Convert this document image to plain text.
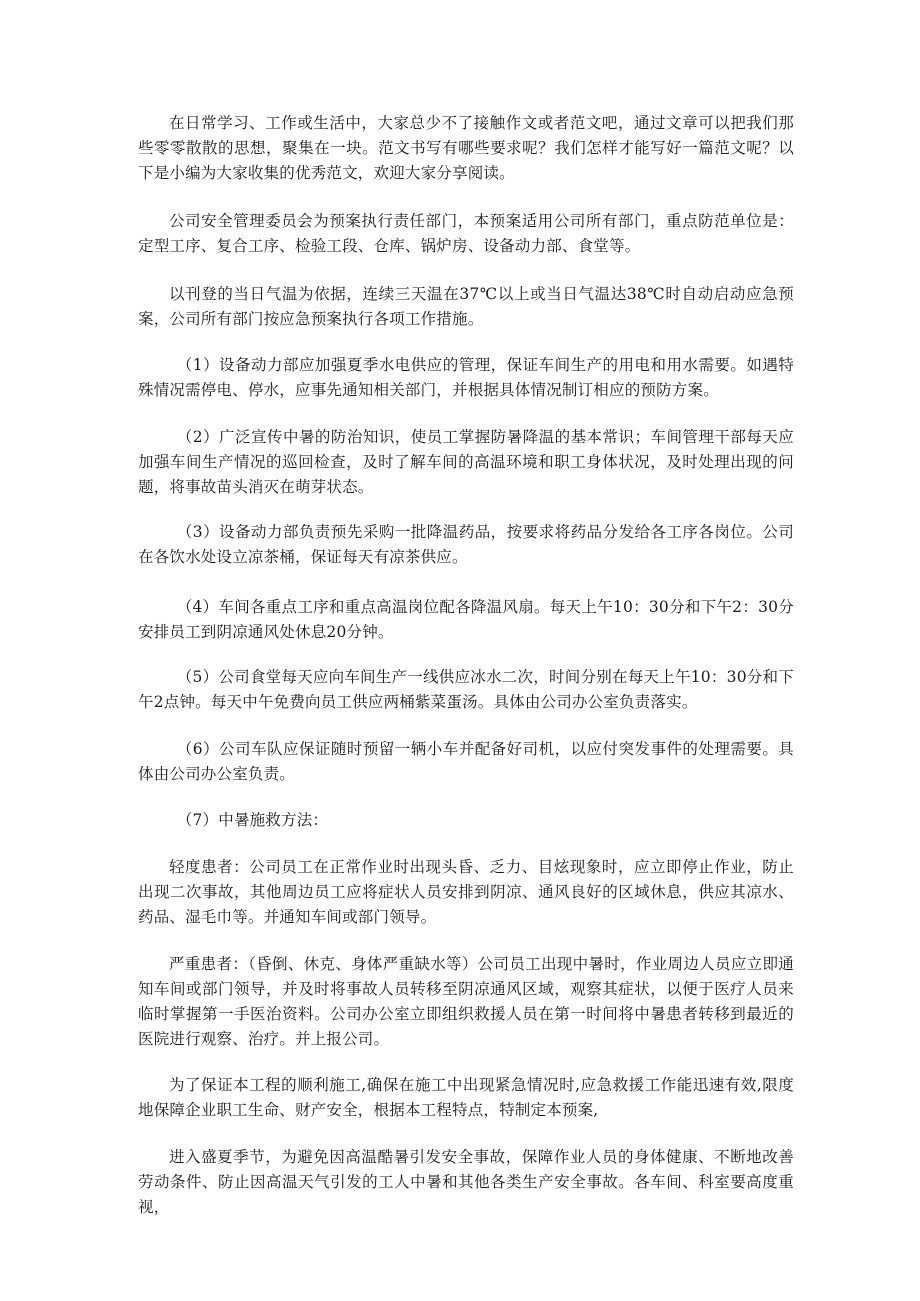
在日常学习、工作或生活中，大家总少不了接触作文或者范文吧，通过文章可以把我们那些零零散散的思想，聚集在一块。范文书写有哪些要求呢？我们怎样才能写好一篇范文呢？以下是小编为大家收集的优秀范文，欢迎大家分享阅读。

公司安全管理委员会为预案执行责任部门，本预案适用公司所有部门，重点防范单位是：定型工序、复合工序、检验工段、仓库、锅炉房、设备动力部、食堂等。

以刊登的当日气温为依据，连续三天温在37℃以上或当日气温达38℃时自动启动应急预案，公司所有部门按应急预案执行各项工作措施。

（1）设备动力部应加强夏季水电供应的管理，保证车间生产的用电和用水需要。如遇特殊情况需停电、停水，应事先通知相关部门，并根据具体情况制订相应的预防方案。

（2）广泛宣传中暑的防治知识，使员工掌握防暑降温的基本常识；车间管理干部每天应加强车间生产情况的巡回检查，及时了解车间的高温环境和职工身体状况，及时处理出现的问题，将事故苗头消灭在萌芽状态。

（3）设备动力部负责预先采购一批降温药品，按要求将药品分发给各工序各岗位。公司在各饮水处设立凉茶桶，保证每天有凉茶供应。

（4）车间各重点工序和重点高温岗位配各降温风扇。每天上午10：30分和下午2：30分安排员工到阴凉通风处休息20分钟。

（5）公司食堂每天应向车间生产一线供应冰水二次，时间分别在每天上午10：30分和下午2点钟。每天中午免费向员工供应两桶紫菜蛋汤。具体由公司办公室负责落实。

（6）公司车队应保证随时预留一辆小车并配备好司机，以应付突发事件的处理需要。具体由公司办公室负责。

（7）中暑施救方法：

轻度患者：公司员工在正常作业时出现头昏、乏力、目炫现象时，应立即停止作业，防止出现二次事故，其他周边员工应将症状人员安排到阴凉、通风良好的区域休息，供应其凉水、药品、湿毛巾等。并通知车间或部门领导。

严重患者：（昏倒、休克、身体严重缺水等）公司员工出现中暑时，作业周边人员应立即通知车间或部门领导，并及时将事故人员转移至阴凉通风区域，观察其症状，以便于医疗人员来临时掌握第一手医治资料。公司办公室立即组织救援人员在第一时间将中暑患者转移到最近的医院进行观察、治疗。并上报公司。

为了保证本工程的顺利施工,确保在施工中出现紧急情况时,应急救援工作能迅速有效,限度地保障企业职工生命、财产安全，根据本工程特点，特制定本预案,

进入盛夏季节，为避免因高温酷暑引发安全事故，保障作业人员的身体健康、不断地改善劳动条件、防止因高温天气引发的工人中暑和其他各类生产安全事故。各车间、科室要高度重视，
